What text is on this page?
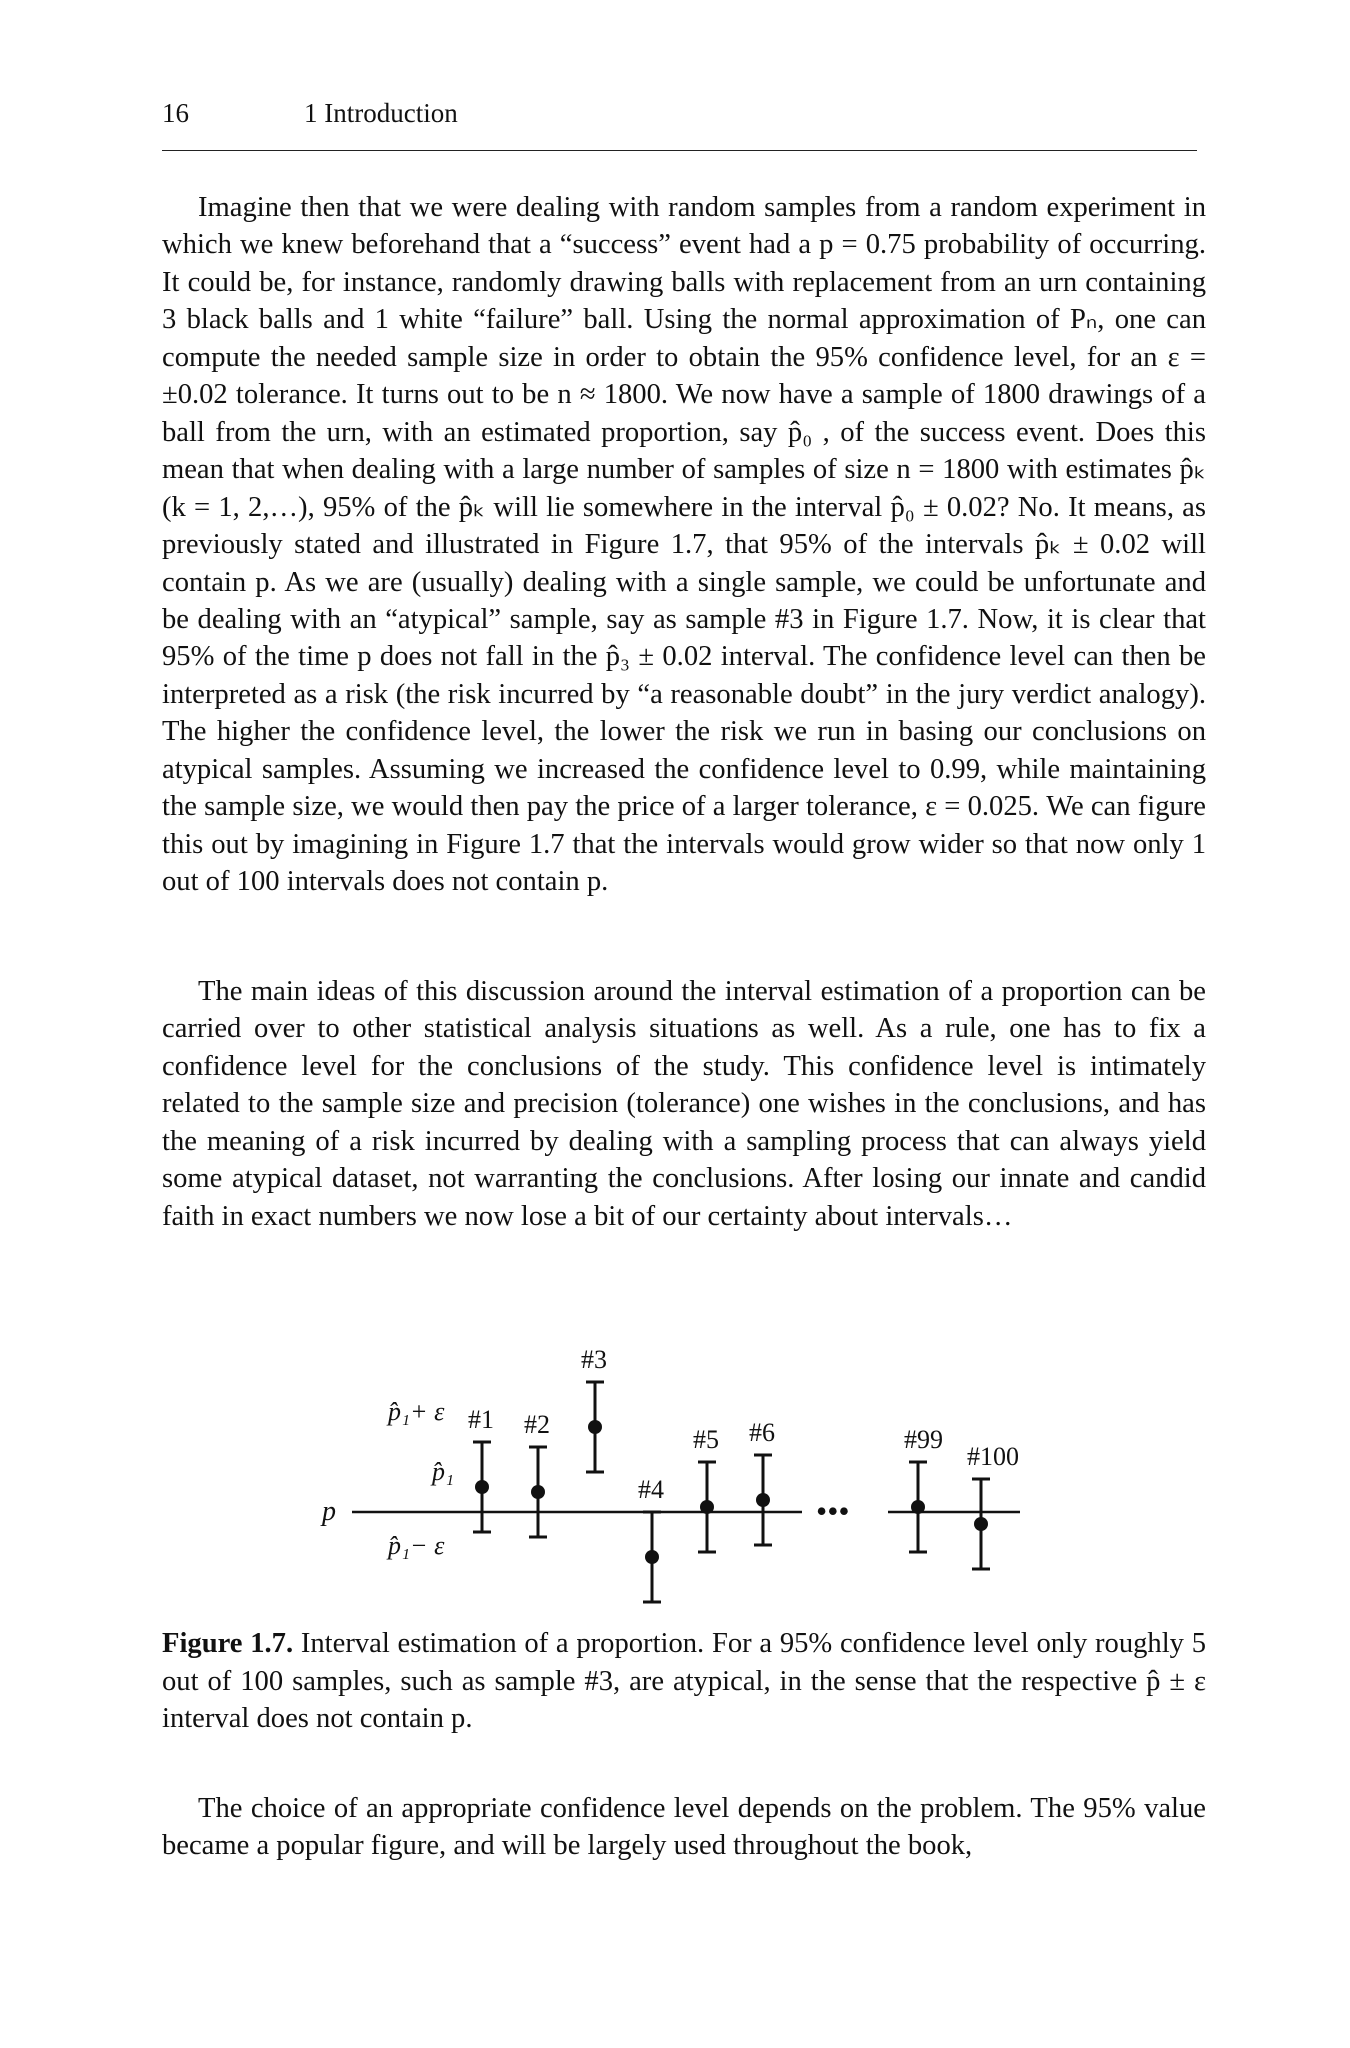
16	1 Introduction

Imagine then that we were dealing with random samples from a random experiment in which we knew beforehand that a “success” event had a p = 0.75 probability of occurring. It could be, for instance, randomly drawing balls with replacement from an urn containing 3 black balls and 1 white “failure” ball. Using the normal approximation of Pₙ, one can compute the needed sample size in order to obtain the 95% confidence level, for an ε = ±0.02 tolerance. It turns out to be n ≈ 1800. We now have a sample of 1800 drawings of a ball from the urn, with an estimated proportion, say p̂₀ , of the success event. Does this mean that when dealing with a large number of samples of size n = 1800 with estimates p̂ₖ (k = 1, 2,…), 95% of the p̂ₖ will lie somewhere in the interval p̂₀ ± 0.02? No. It means, as previously stated and illustrated in Figure 1.7, that 95% of the intervals p̂ₖ ± 0.02 will contain p. As we are (usually) dealing with a single sample, we could be unfortunate and be dealing with an “atypical” sample, say as sample #3 in Figure 1.7. Now, it is clear that 95% of the time p does not fall in the p̂₃ ± 0.02 interval. The confidence level can then be interpreted as a risk (the risk incurred by “a reasonable doubt” in the jury verdict analogy). The higher the confidence level, the lower the risk we run in basing our conclusions on atypical samples. Assuming we increased the confidence level to 0.99, while maintaining the sample size, we would then pay the price of a larger tolerance, ε = 0.025. We can figure this out by imagining in Figure 1.7 that the intervals would grow wider so that now only 1 out of 100 intervals does not contain p.

The main ideas of this discussion around the interval estimation of a proportion can be carried over to other statistical analysis situations as well. As a rule, one has to fix a confidence level for the conclusions of the study. This confidence level is intimately related to the sample size and precision (tolerance) one wishes in the conclusions, and has the meaning of a risk incurred by dealing with a sampling process that can always yield some atypical dataset, not warranting the conclusions. After losing our innate and candid faith in exact numbers we now lose a bit of our certainty about intervals…

p
p̂₁+ ε
p̂₁
p̂₁− ε
•••
#1 #2
#3
#4
#5 #6	#99
#100
Figure 1.7. Interval estimation of a proportion. For a 95% confidence level only roughly 5 out of 100 samples, such as sample #3, are atypical, in the sense that the respective p̂ ± ε interval does not contain p.

The choice of an appropriate confidence level depends on the problem. The 95% value became a popular figure, and will be largely used throughout the book,
